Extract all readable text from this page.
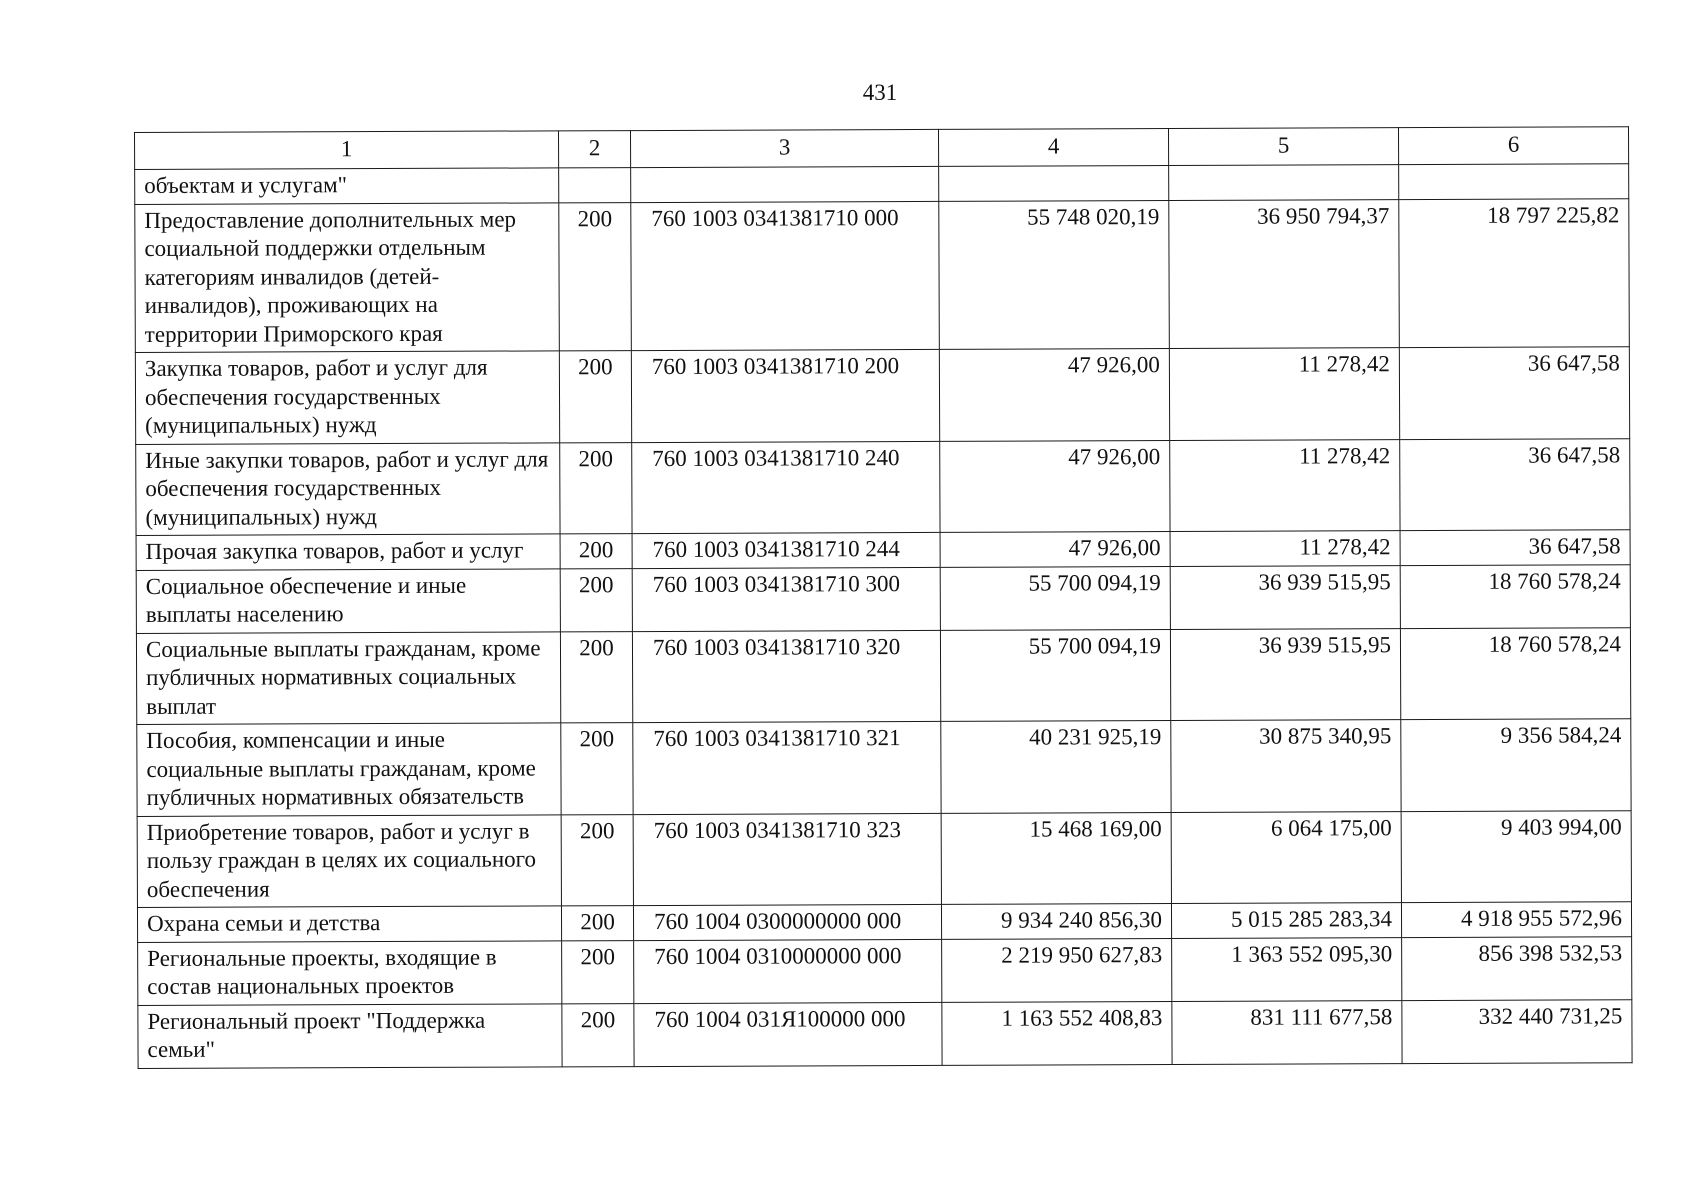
431
1	2	3	4	5	6
объектам и услугам"					
Предоставление дополнительных мер социальной поддержки отдельным категориям инвалидов (детей-инвалидов), проживающих на территории Приморского края	200	760 1003 0341381710 000	55 748 020,19	36 950 794,37	18 797 225,82
Закупка товаров, работ и услуг для обеспечения государственных (муниципальных) нужд	200	760 1003 0341381710 200	47 926,00	11 278,42	36 647,58
Иные закупки товаров, работ и услуг для обеспечения государственных (муниципальных) нужд	200	760 1003 0341381710 240	47 926,00	11 278,42	36 647,58
Прочая закупка товаров, работ и услуг	200	760 1003 0341381710 244	47 926,00	11 278,42	36 647,58
Социальное обеспечение и иные выплаты населению	200	760 1003 0341381710 300	55 700 094,19	36 939 515,95	18 760 578,24
Социальные выплаты гражданам, кроме публичных нормативных социальных выплат	200	760 1003 0341381710 320	55 700 094,19	36 939 515,95	18 760 578,24
Пособия, компенсации и иные социальные выплаты гражданам, кроме публичных нормативных обязательств	200	760 1003 0341381710 321	40 231 925,19	30 875 340,95	9 356 584,24
Приобретение товаров, работ и услуг в пользу граждан в целях их социального обеспечения	200	760 1003 0341381710 323	15 468 169,00	6 064 175,00	9 403 994,00
Охрана семьи и детства	200	760 1004 0300000000 000	9 934 240 856,30	5 015 285 283,34	4 918 955 572,96
Региональные проекты, входящие в состав национальных проектов	200	760 1004 0310000000 000	2 219 950 627,83	1 363 552 095,30	856 398 532,53
Региональный проект "Поддержка семьи"	200	760 1004 031Я100000 000	1 163 552 408,83	831 111 677,58	332 440 731,25
